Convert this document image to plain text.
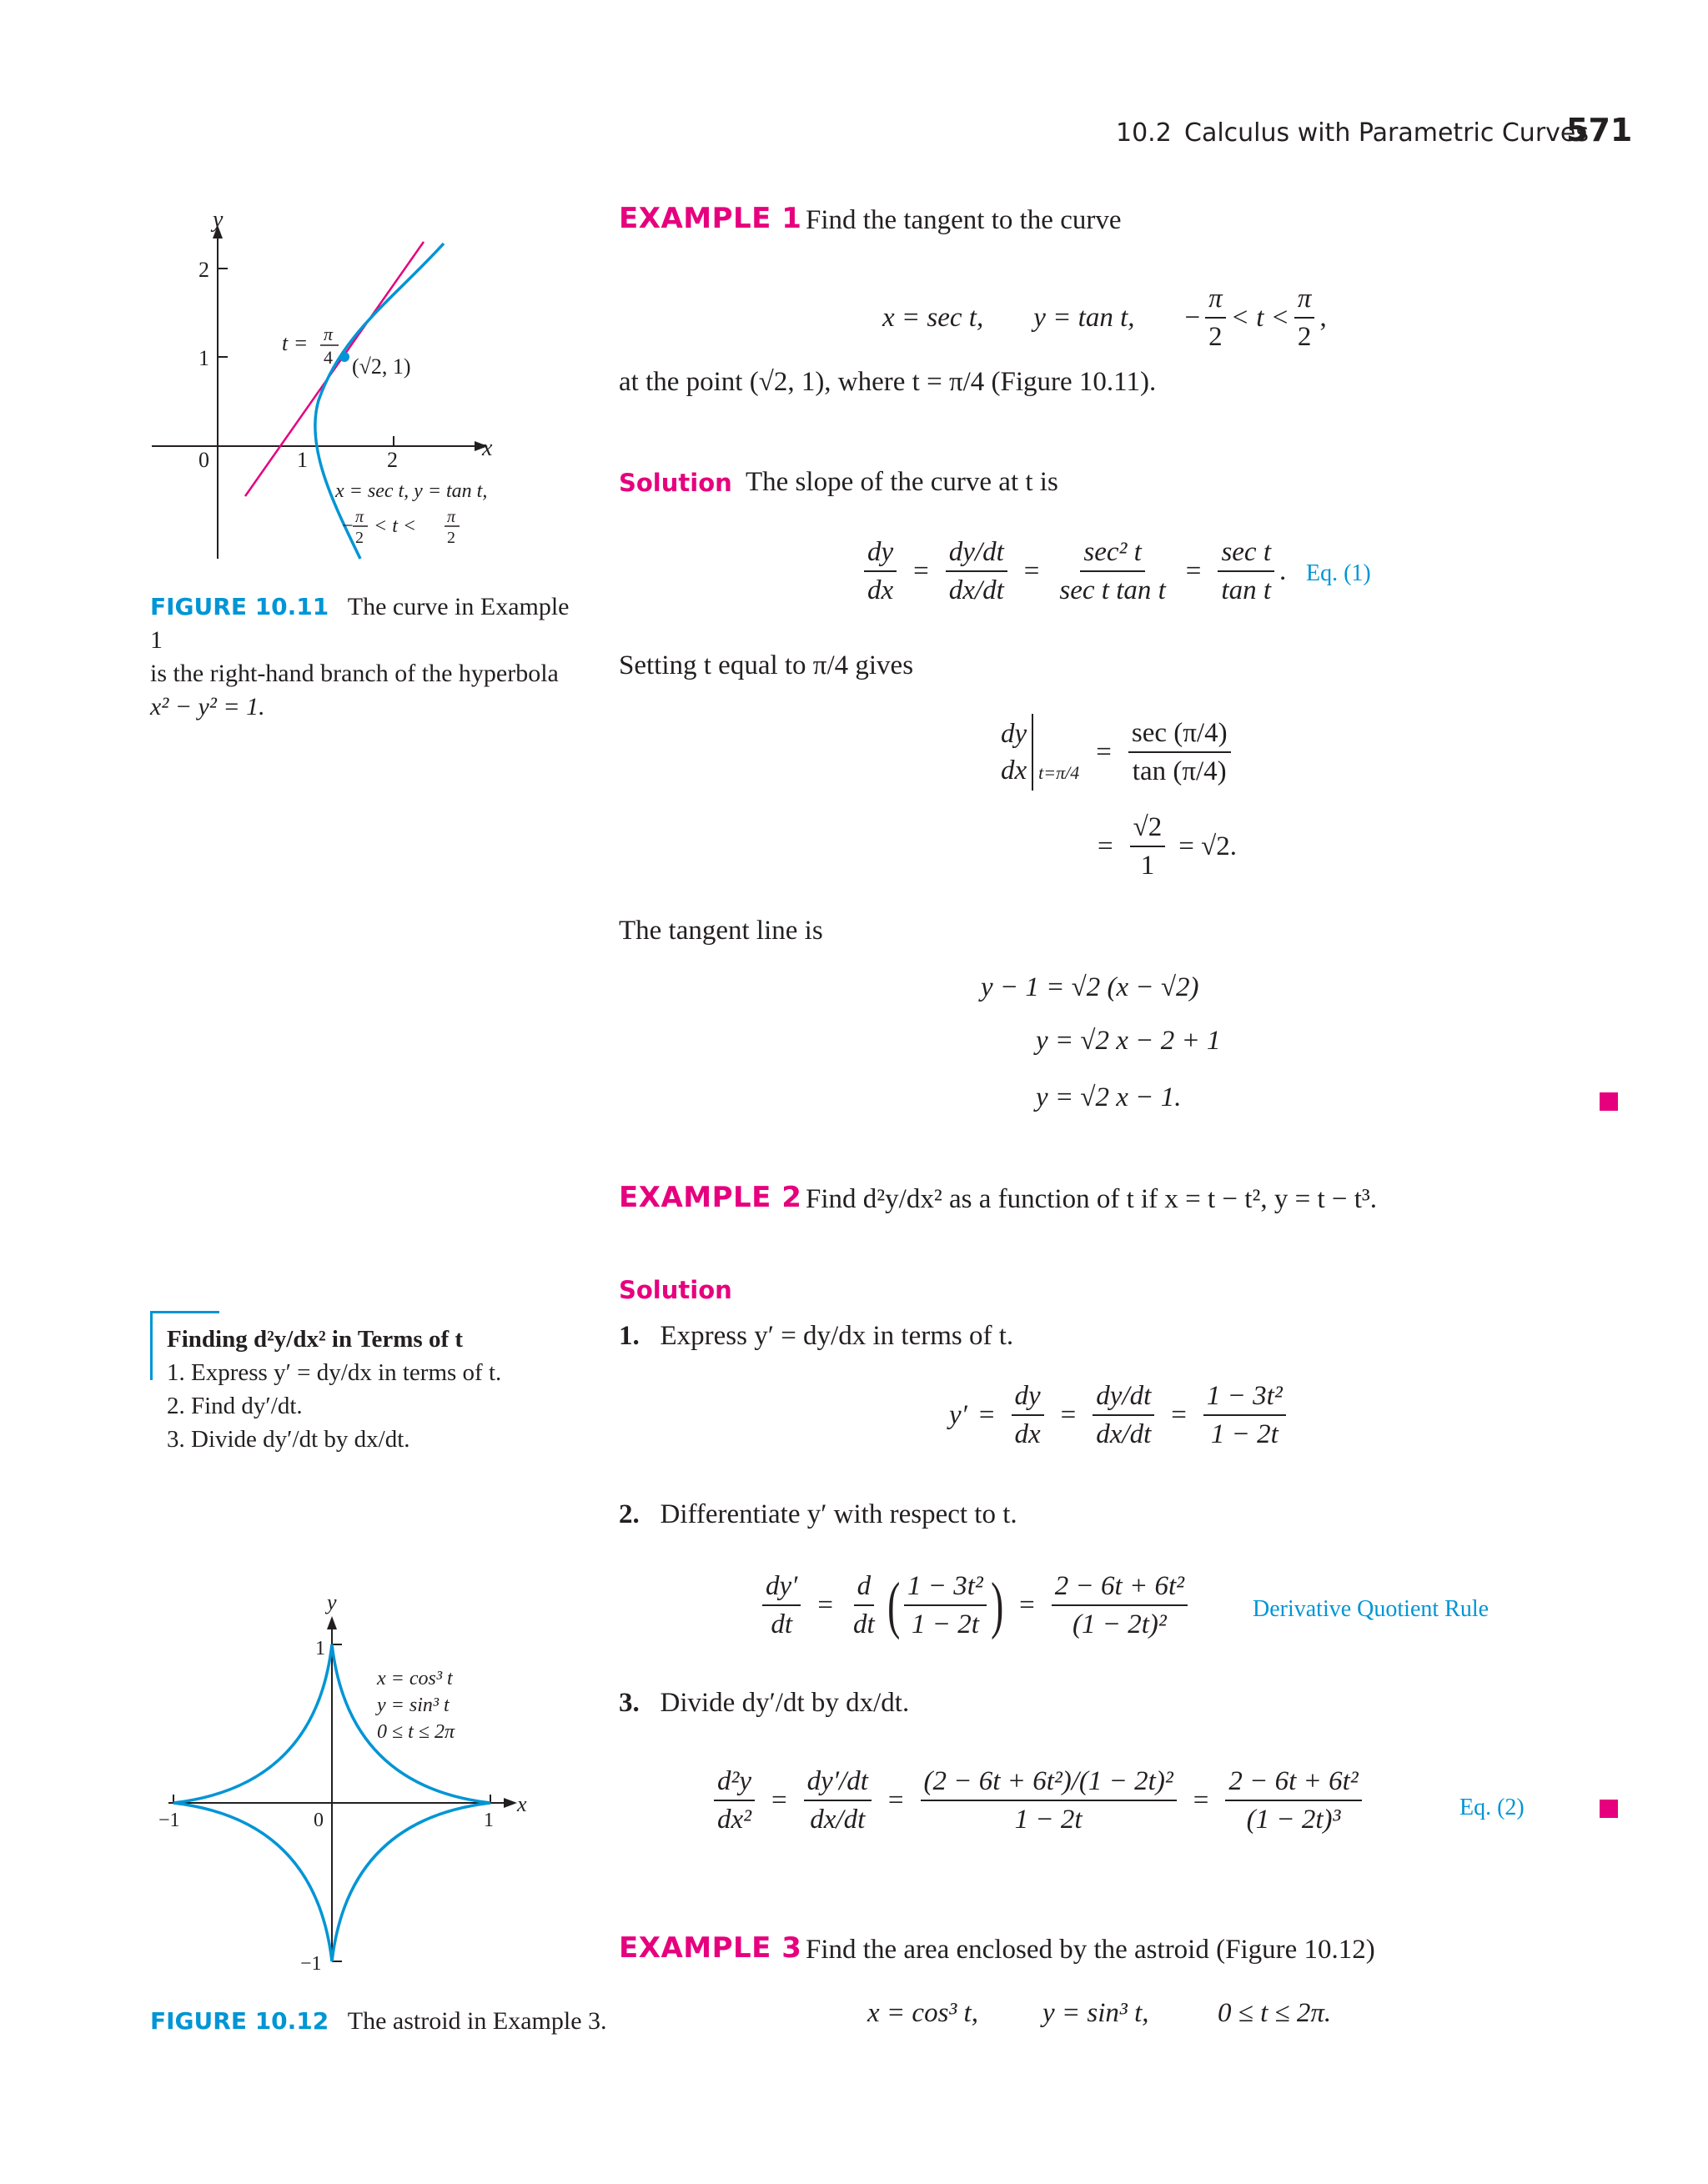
10.2 Calculus with Parametric Curves
571
y
x
2
1
0	1	2
t = π
4 (√2, 1)
x = sec t, y = tan t,
− π
2
< t < π
2
FIGURE 10.11 The curve in Example 1
is the right-hand branch of the hyperbola
x² − y² = 1.
EXAMPLE 1 Find the tangent to the curve
x = sec t, y = tan t, − $\frac{\pi}{2} < t < \frac{\pi}{2}$ ,
at the point (√2, 1), where t = π/4 (Figure 10.11).
Solution The slope of the curve at t is
$\frac{dy}{dx} = \frac{dy/dt}{dx/dt} = \frac{\text{sec² t}}{\text{sec t tan t}} = \frac{\text{sec t}}{\text{tan t}}$ . Eq. (1)
Setting t equal to π/4 gives
dy
dx t=π/4
= $\frac{\sec (\pi/4)}{\tan (\pi/4)}$
= $\frac{√2}{1} = √2$.
The tangent line is
y − 1 = √2 (x − √2)
y = √2 x − 2 + 1
y = √2 x − 1.
EXAMPLE 2 Find d²y/dx² as a function of t if x = t − t², y = t − t³.
Solution
1. Express y′ = dy/dx in terms of t.
$y' = \frac{dy}{dx} = \frac{dy/dt}{dx/dt} = \frac{\text{1 − 3t²}}{1 - 2t}$
2. Differentiate y′ with respect to t.
$\frac{dy'}{dt} = \frac{d}{dt}$ ( $\frac{\text{1 − 3t²}}{1 - 2t}$ ) = $\frac{\text{2 − 6t + 6t²}}{\text{(1 − 2t)²}}$	Derivative Quotient Rule
3. Divide dy′/dt by dx/dt.
$\frac{\text{d²y}}{\text{dx²}} = \frac{dy'/dt}{dx/dt} = \frac{\text{(2 − 6t + 6t²)/(1 − 2t)²}}{1 - 2t} = \frac{\text{2 − 6t + 6t²}}{\text{(1 − 2t)³}}$	Eq. (2)
Finding d²y/dx² in Terms of t
1. Express y′ = dy/dx in terms of t.
2. Find dy′/dt.
3. Divide dy′/dt by dx/dt.
y
x
1
−1
−1	1
0
x = cos³ t
y = sin³ t
0 ≤ t ≤ 2π
FIGURE 10.12 The astroid in Example 3.
EXAMPLE 3 Find the area enclosed by the astroid (Figure 10.12)
x = cos³ t, y = sin³ t,	0 ≤ t ≤ 2π.
